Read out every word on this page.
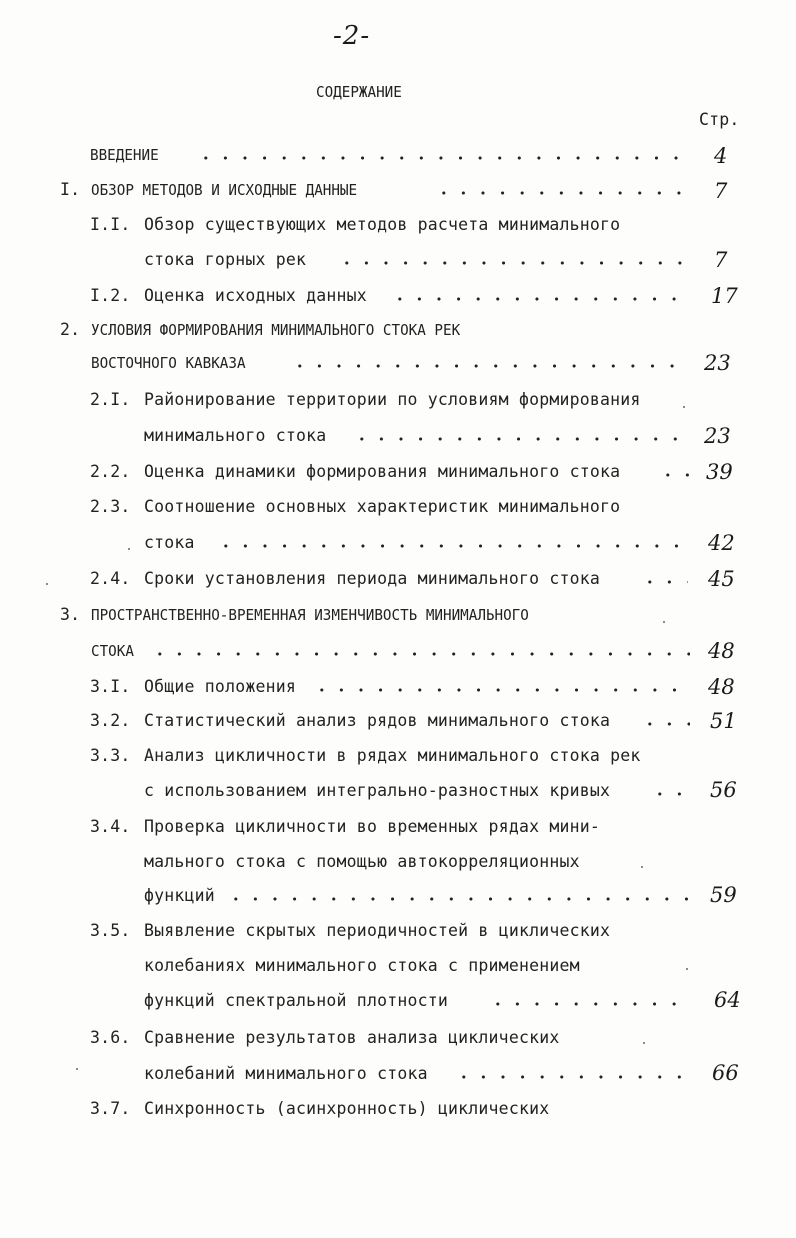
-2-
СОДЕРЖАНИЕ
Стр.
ВВЕДЕНИЕ	4
I. ОБЗОР МЕТОДОВ И ИСХОДНЫЕ ДАННЫЕ	7
I.I. Обзор существующих методов расчета минимального
стока горных рек	7
I.2. Оценка исходных данных	17
2. УСЛОВИЯ ФОРМИРОВАНИЯ МИНИМАЛЬНОГО СТОКА РЕК
ВОСТОЧНОГО КАВКАЗА	23
2.I. Районирование территории по условиям формирования
минимального стока	23
2.2. Оценка динамики формирования минимального стока	39
2.3. Соотношение основных характеристик минимального
стока	42
2.4. Сроки установления периода минимального стока	45
3. ПРОСТРАНСТВЕННО-ВРЕМЕННАЯ ИЗМЕНЧИВОСТЬ МИНИМАЛЬНОГО
СТОКА	48
3.I. Общие положения	48
3.2. Статистический анализ рядов минимального стока	51
3.3. Анализ цикличности в рядах минимального стока рек
с использованием интегрально-разностных кривых	56
3.4. Проверка цикличности во временных рядах мини-
мального стока с помощью автокорреляционных
функций	59
3.5. Выявление скрытых периодичностей в циклических
колебаниях минимального стока с применением
функций спектральной плотности	64
3.6. Сравнение результатов анализа циклических
колебаний минимального стока	66
3.7. Синхронность (асинхронность) циклических
